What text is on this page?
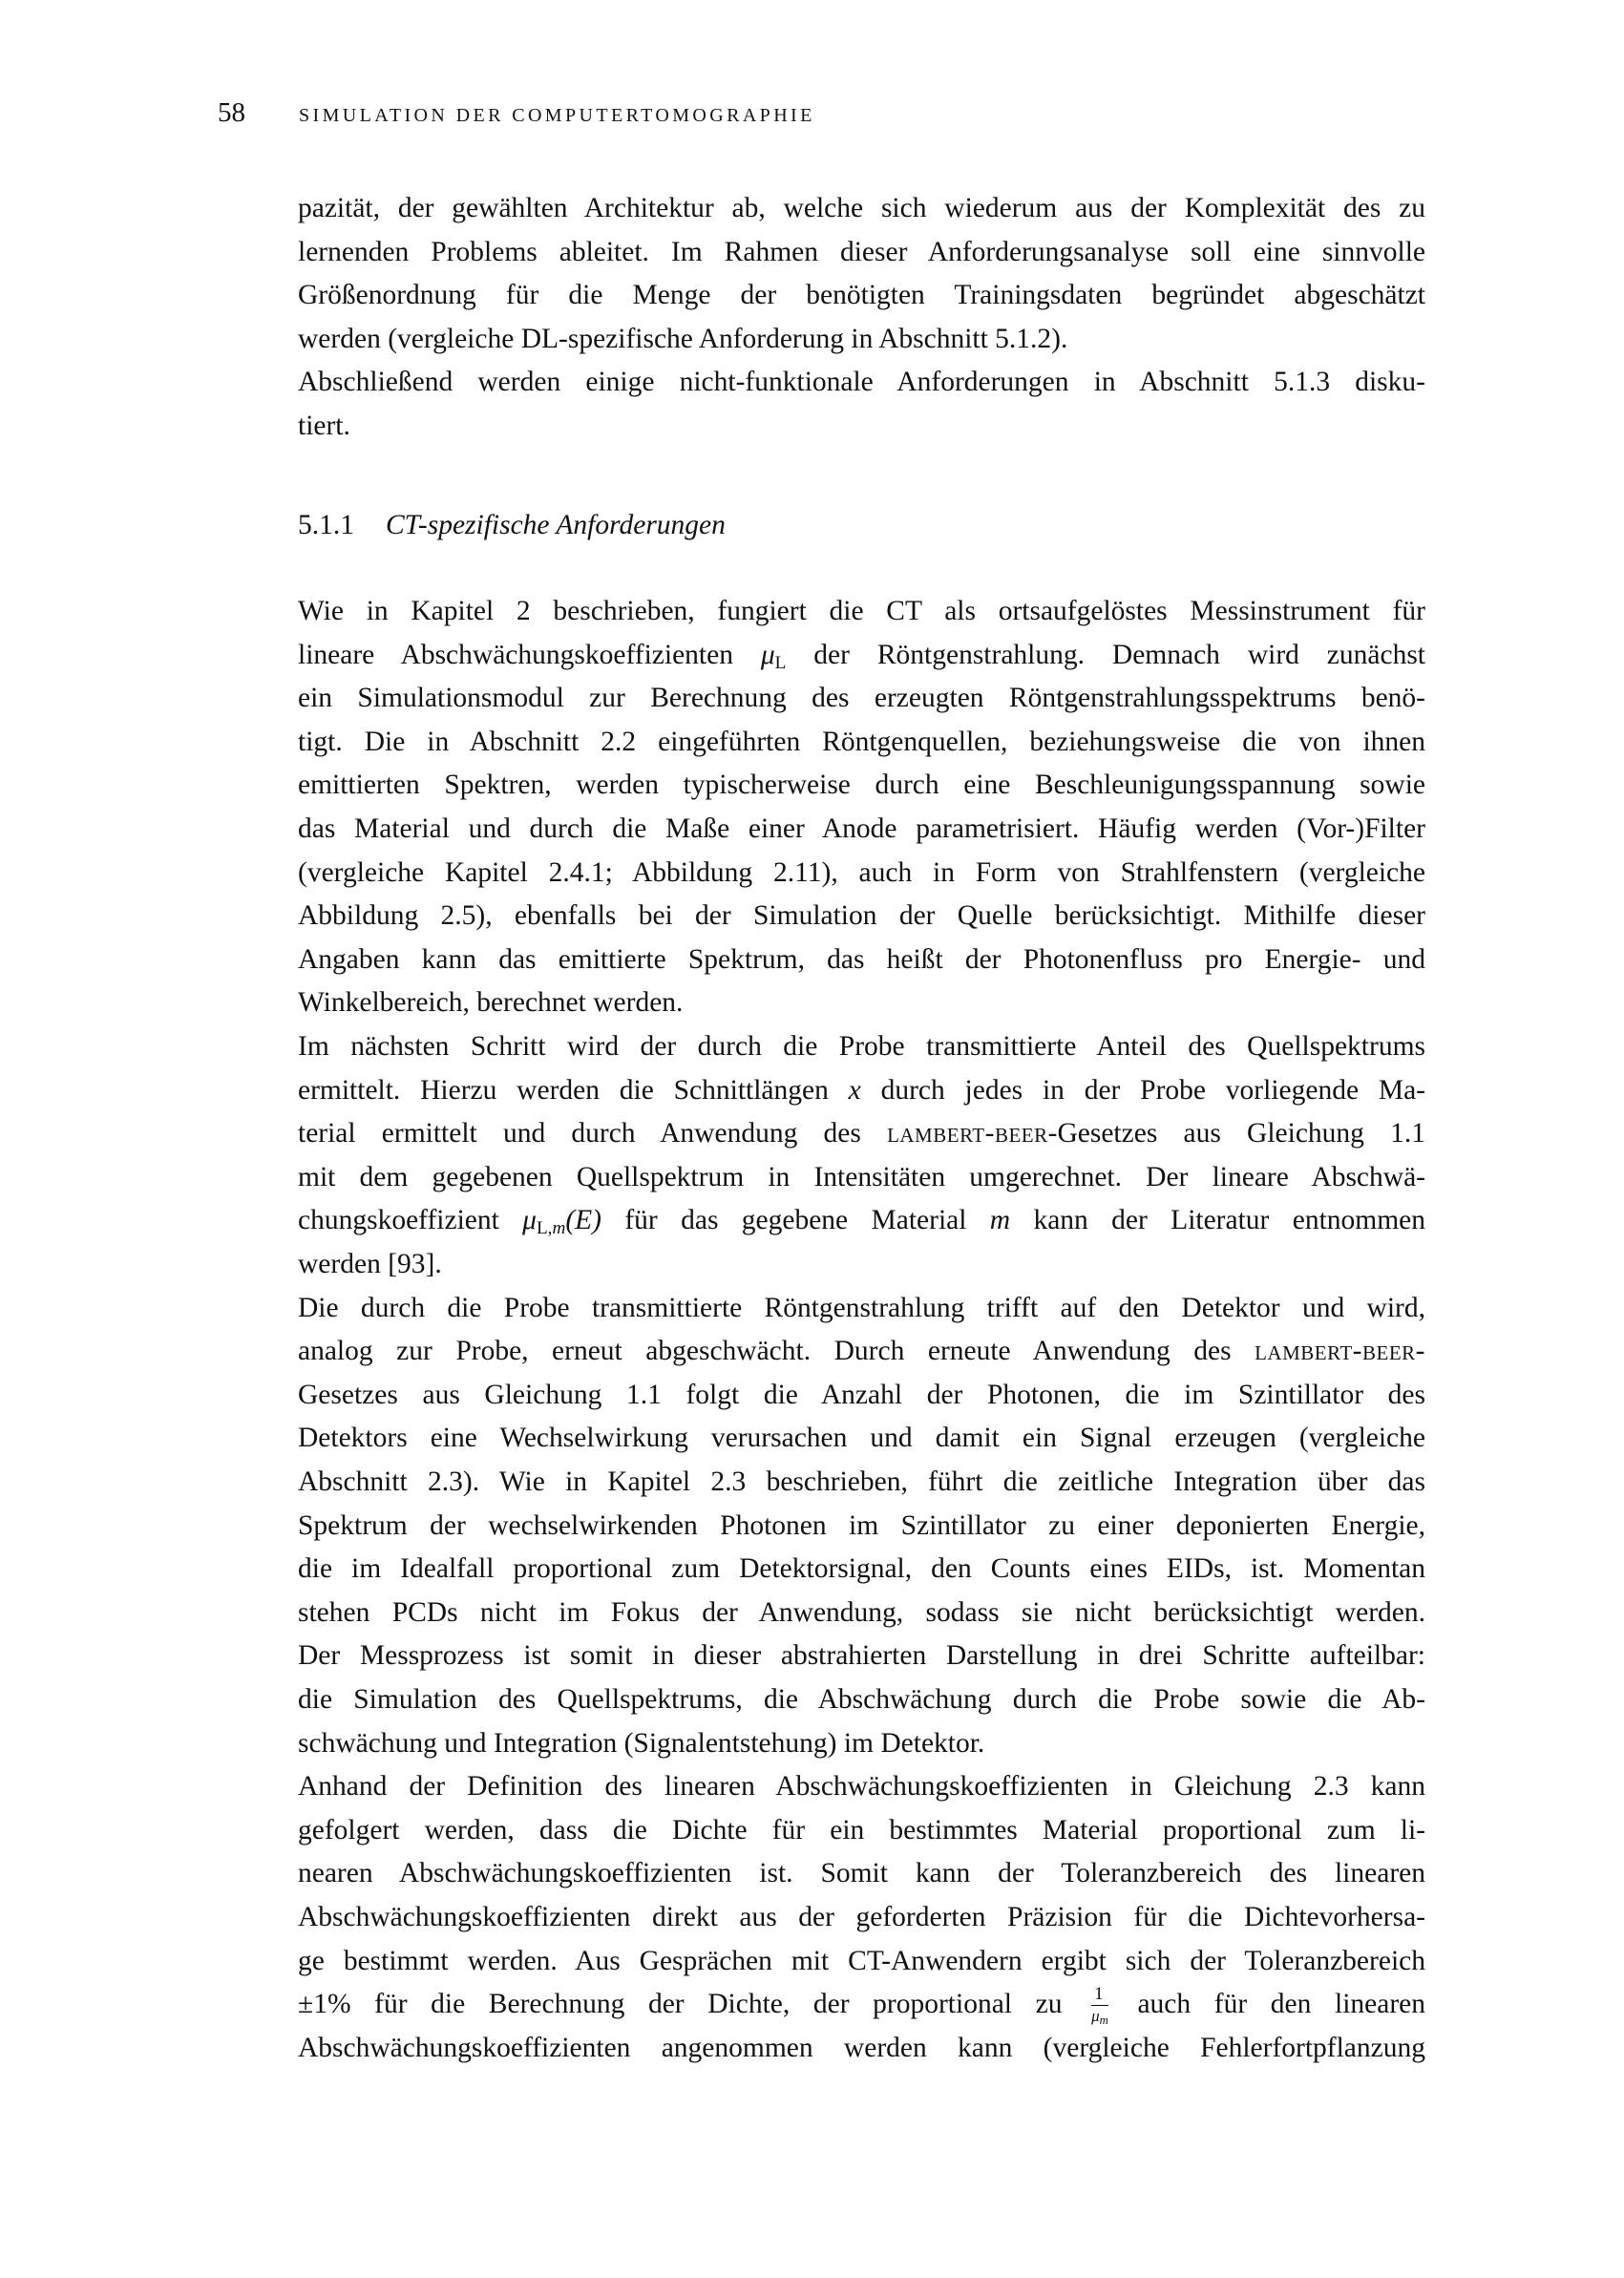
58	SIMULATION DER COMPUTERTOMOGRAPHIE
pazität, der gewählten Architektur ab, welche sich wiederum aus der Komplexität des zu
lernenden Problems ableitet. Im Rahmen dieser Anforderungsanalyse soll eine sinnvolle
Größenordnung für die Menge der benötigten Trainingsdaten begründet abgeschätzt
werden (vergleiche DL-spezifische Anforderung in Abschnitt 5.1.2).
Abschließend werden einige nicht-funktionale Anforderungen in Abschnitt 5.1.3 disku-
tiert.
5.1.1 CT-spezifische Anforderungen
Wie in Kapitel 2 beschrieben, fungiert die CT als ortsaufgelöstes Messinstrument für
lineare Abschwächungskoeffizienten $\mu_L$ der Röntgenstrahlung. Demnach wird zunächst
ein Simulationsmodul zur Berechnung des erzeugten Röntgenstrahlungsspektrums benö-
tigt. Die in Abschnitt 2.2 eingeführten Röntgenquellen, beziehungsweise die von ihnen
emittierten Spektren, werden typischerweise durch eine Beschleunigungsspannung sowie
das Material und durch die Maße einer Anode parametrisiert. Häufig werden (Vor-)Filter
(vergleiche Kapitel 2.4.1; Abbildung 2.11), auch in Form von Strahlfenstern (vergleiche
Abbildung 2.5), ebenfalls bei der Simulation der Quelle berücksichtigt. Mithilfe dieser
Angaben kann das emittierte Spektrum, das heißt der Photonenfluss pro Energie- und
Winkelbereich, berechnet werden.
Im nächsten Schritt wird der durch die Probe transmittierte Anteil des Quellspektrums
ermittelt. Hierzu werden die Schnittlängen x durch jedes in der Probe vorliegende Ma-
terial ermittelt und durch Anwendung des lambert-beer-Gesetzes aus Gleichung 1.1
mit dem gegebenen Quellspektrum in Intensitäten umgerechnet. Der lineare Abschwä-
chungskoeffizient $\mu_{L,m}(E)$ für das gegebene Material m kann der Literatur entnommen
werden [93].
Die durch die Probe transmittierte Röntgenstrahlung trifft auf den Detektor und wird,
analog zur Probe, erneut abgeschwächt. Durch erneute Anwendung des lambert-beer-
Gesetzes aus Gleichung 1.1 folgt die Anzahl der Photonen, die im Szintillator des
Detektors eine Wechselwirkung verursachen und damit ein Signal erzeugen (vergleiche
Abschnitt 2.3). Wie in Kapitel 2.3 beschrieben, führt die zeitliche Integration über das
Spektrum der wechselwirkenden Photonen im Szintillator zu einer deponierten Energie,
die im Idealfall proportional zum Detektorsignal, den Counts eines EIDs, ist. Momentan
stehen PCDs nicht im Fokus der Anwendung, sodass sie nicht berücksichtigt werden.
Der Messprozess ist somit in dieser abstrahierten Darstellung in drei Schritte aufteilbar:
die Simulation des Quellspektrums, die Abschwächung durch die Probe sowie die Ab-
schwächung und Integration (Signalentstehung) im Detektor.
Anhand der Definition des linearen Abschwächungskoeffizienten in Gleichung 2.3 kann
gefolgert werden, dass die Dichte für ein bestimmtes Material proportional zum li-
nearen Abschwächungskoeffizienten ist. Somit kann der Toleranzbereich des linearen
Abschwächungskoeffizienten direkt aus der geforderten Präzision für die Dichtevorhersa-
ge bestimmt werden. Aus Gesprächen mit CT-Anwendern ergibt sich der Toleranzbereich
±1% für die Berechnung der Dichte, der proportional zu $\frac{1}{\mu_m}$ auch für den linearen
Abschwächungskoeffizienten angenommen werden kann (vergleiche Fehlerfortpflanzung
